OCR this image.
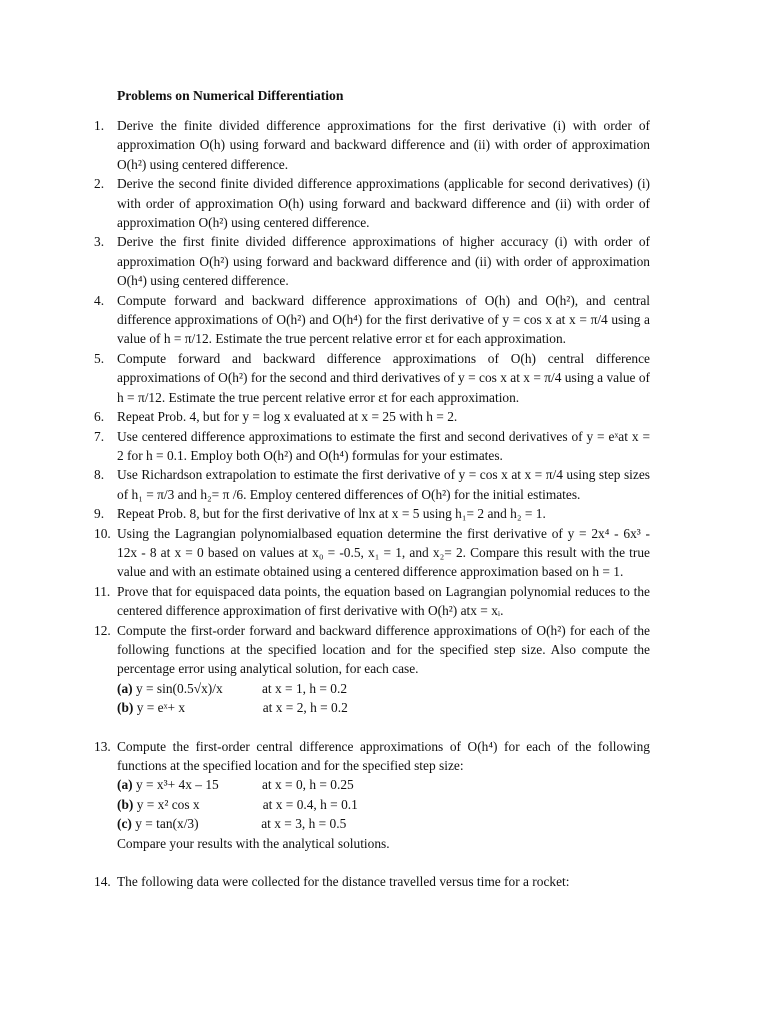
Problems on Numerical Differentiation
1. Derive the finite divided difference approximations for the first derivative (i) with order of approximation O(h) using forward and backward difference and (ii) with order of approximation O(h²) using centered difference.
2. Derive the second finite divided difference approximations (applicable for second derivatives) (i) with order of approximation O(h) using forward and backward difference and (ii) with order of approximation O(h²) using centered difference.
3. Derive the first finite divided difference approximations of higher accuracy (i) with order of approximation O(h²) using forward and backward difference and (ii) with order of approximation O(h⁴) using centered difference.
4. Compute forward and backward difference approximations of O(h) and O(h²), and central difference approximations of O(h²) and O(h⁴) for the first derivative of y = cos x at x = π/4 using a value of h = π/12. Estimate the true percent relative error εt for each approximation.
5. Compute forward and backward difference approximations of O(h) central difference approximations of O(h²) for the second and third derivatives of y = cos x at x = π/4 using a value of h = π/12. Estimate the true percent relative error εt for each approximation.
6. Repeat Prob. 4, but for y = log x evaluated at x = 25 with h = 2.
7. Use centered difference approximations to estimate the first and second derivatives of y = eˣat x = 2 for h = 0.1. Employ both O(h²) and O(h⁴) formulas for your estimates.
8. Use Richardson extrapolation to estimate the first derivative of y = cos x at x = π/4 using step sizes of h₁ = π/3 and h₂= π /6. Employ centered differences of O(h²) for the initial estimates.
9. Repeat Prob. 8, but for the first derivative of lnx at x = 5 using h₁= 2 and h₂ = 1.
10. Using the Lagrangian polynomialbased equation determine the first derivative of y = 2x⁴ - 6x³ - 12x - 8 at x = 0 based on values at x₀ = -0.5, x₁ = 1, and x₂= 2. Compare this result with the true value and with an estimate obtained using a centered difference approximation based on h = 1.
11. Prove that for equispaced data points, the equation based on Lagrangian polynomial reduces to the centered difference approximation of first derivative with O(h²) atx = xᵢ.
12. Compute the first-order forward and backward difference approximations of O(h²) for each of the following functions at the specified location and for the specified step size. Also compute the percentage error using analytical solution, for each case.
(a) y = sin(0.5√x)/x	at x = 1, h = 0.2
(b) y = eˣ+ x	at x = 2, h = 0.2
13. Compute the first-order central difference approximations of O(h⁴) for each of the following functions at the specified location and for the specified step size:
(a) y = x³+ 4x – 15	at x = 0, h = 0.25
(b) y = x² cos x	at x = 0.4, h = 0.1
(c) y = tan(x/3)	at x = 3, h = 0.5
Compare your results with the analytical solutions.
14. The following data were collected for the distance travelled versus time for a rocket:
